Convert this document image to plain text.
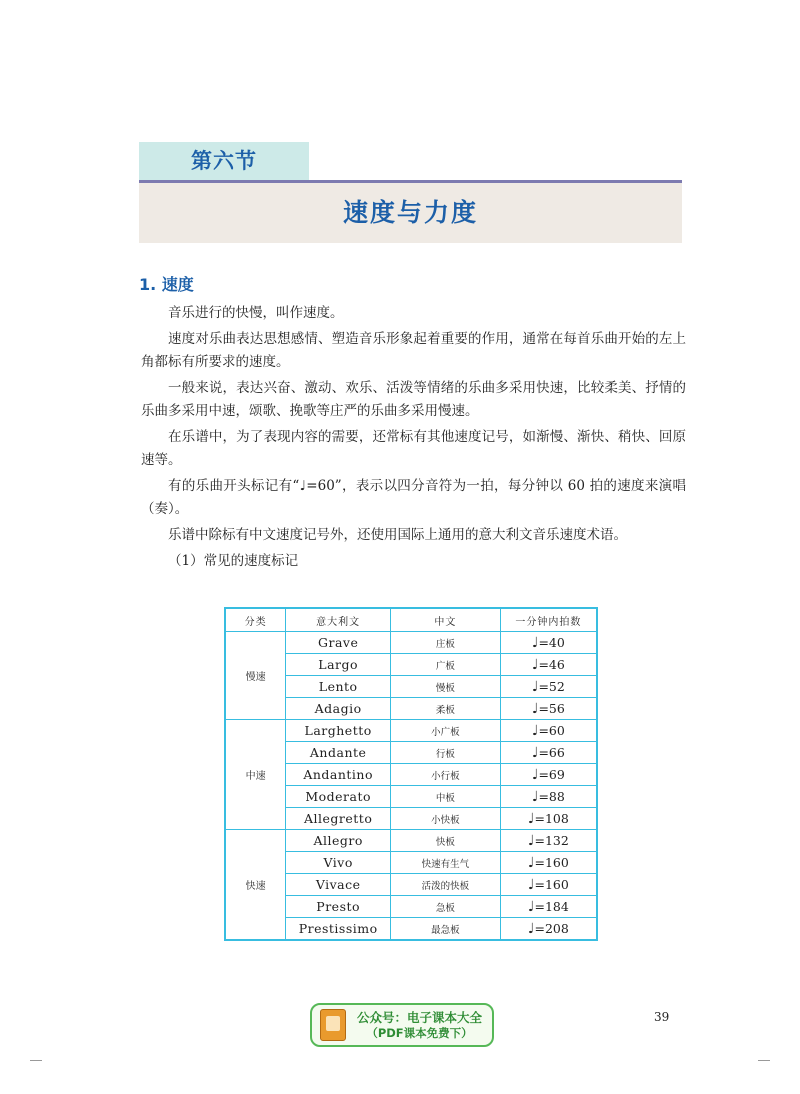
第六节
速度与力度
1. 速度

音乐进行的快慢，叫作速度。

速度对乐曲表达思想感情、塑造音乐形象起着重要的作用，通常在每首乐曲开始的左上角都标有所要求的速度。

一般来说，表达兴奋、激动、欢乐、活泼等情绪的乐曲多采用快速，比较柔美、抒情的乐曲多采用中速，颂歌、挽歌等庄严的乐曲多采用慢速。

在乐谱中，为了表现内容的需要，还常标有其他速度记号，如渐慢、渐快、稍快、回原速等。

有的乐曲开头标记有“♩=60”，表示以四分音符为一拍，每分钟以 60 拍的速度来演唱（奏）。

乐谱中除标有中文速度记号外，还使用国际上通用的意大利文音乐速度术语。

（1）常见的速度标记

分类	意大利文	中文	一分钟内拍数
慢速	Grave	庄板	♩=40
	Largo	广板	♩=46
	Lento	慢板	♩=52
	Adagio	柔板	♩=56
中速	Larghetto	小广板	♩=60
	Andante	行板	♩=66
	Andantino	小行板	♩=69
	Moderato	中板	♩=88
	Allegretto	小快板	♩=108
快速	Allegro	快板	♩=132
	Vivo	快速有生气	♩=160
	Vivace	活泼的快板	♩=160
	Presto	急板	♩=184
	Prestissimo	最急板	♩=208
39
公众号：电子课本大全
（PDF课本免费下）
